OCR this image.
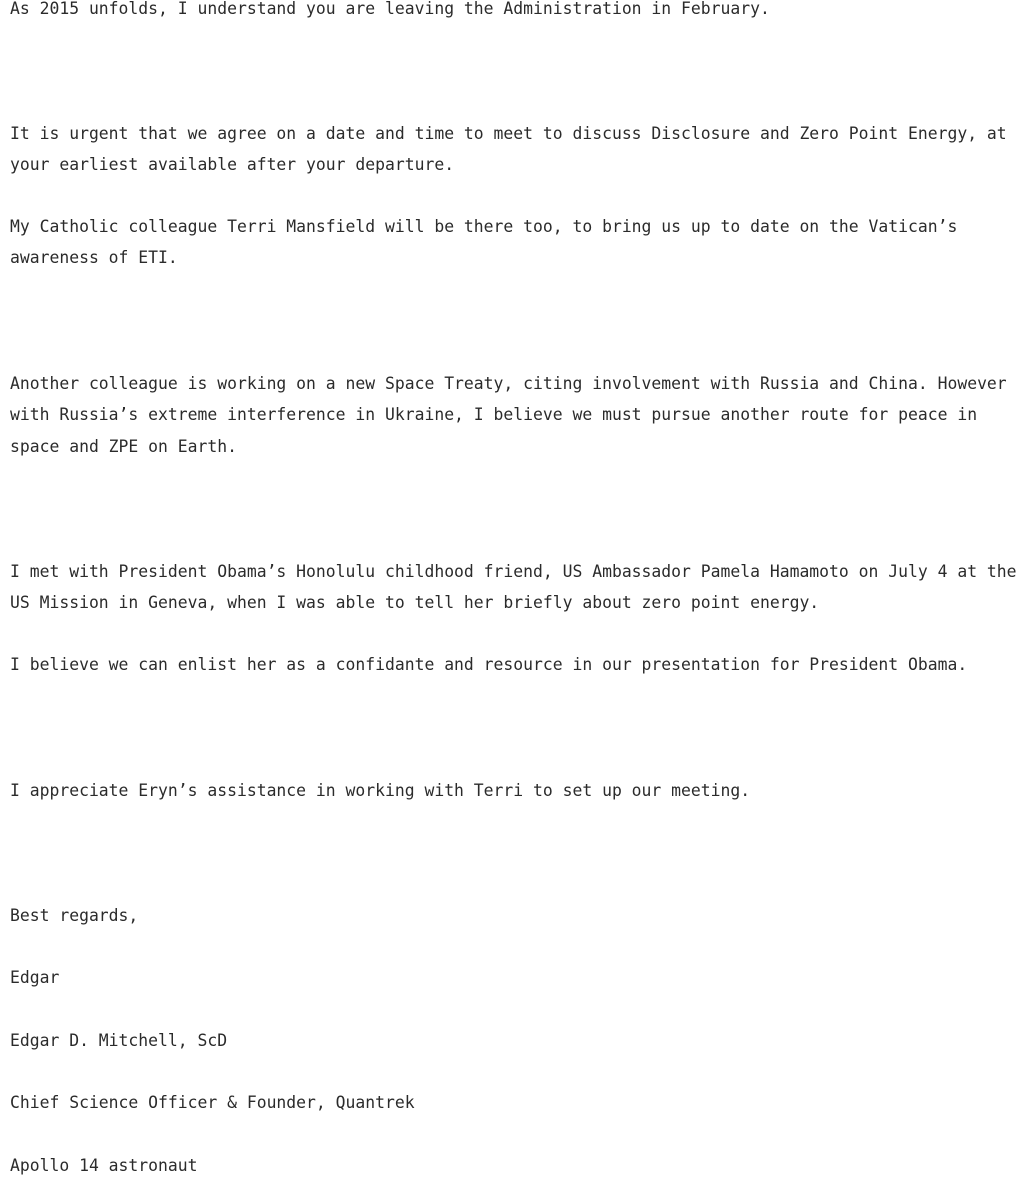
As 2015 unfolds, I understand you are leaving the Administration in February.

It is urgent that we agree on a date and time to meet to discuss Disclosure and Zero Point Energy, at
your earliest available after your departure.

My Catholic colleague Terri Mansfield will be there too, to bring us up to date on the Vatican’s
awareness of ETI.

Another colleague is working on a new Space Treaty, citing involvement with Russia and China. However
with Russia’s extreme interference in Ukraine, I believe we must pursue another route for peace in
space and ZPE on Earth.

I met with President Obama’s Honolulu childhood friend, US Ambassador Pamela Hamamoto on July 4 at the
US Mission in Geneva, when I was able to tell her briefly about zero point energy.

I believe we can enlist her as a confidante and resource in our presentation for President Obama.

I appreciate Eryn’s assistance in working with Terri to set up our meeting.

Best regards,

Edgar

Edgar D. Mitchell, ScD

Chief Science Officer & Founder, Quantrek

Apollo 14 astronaut
